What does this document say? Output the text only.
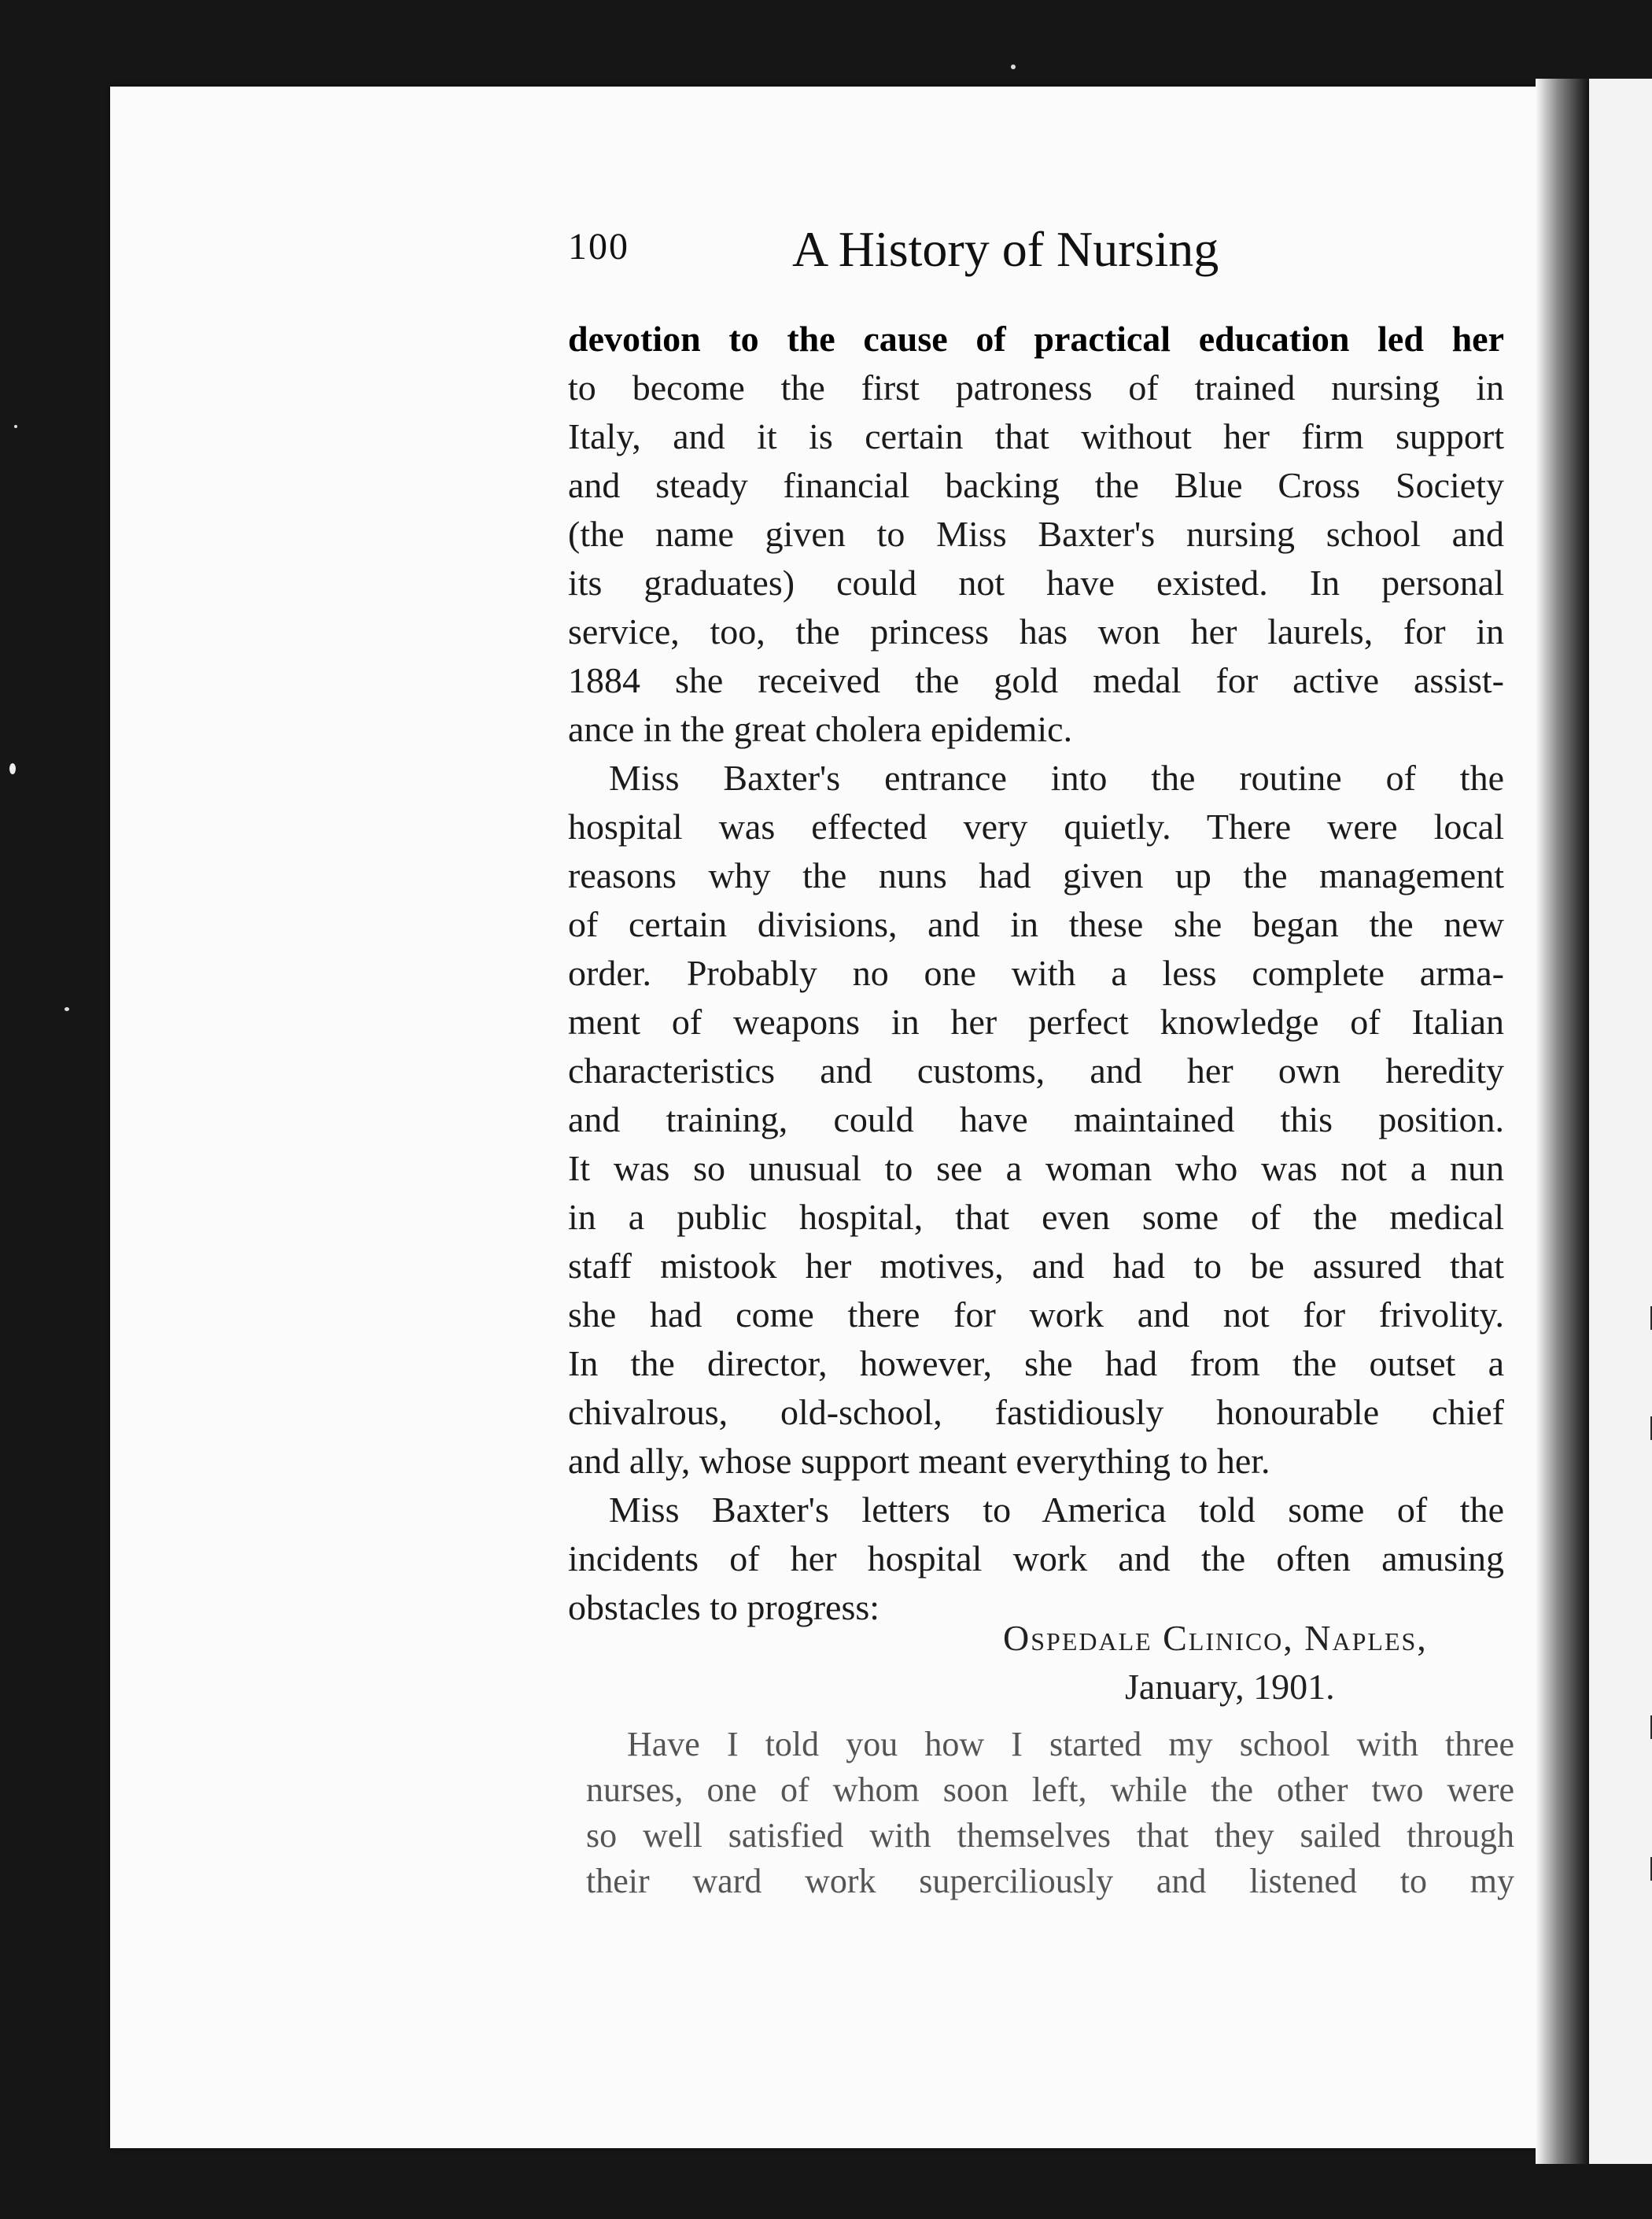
100	A History of Nursing
devotion to the cause of practical education led her
to become the first patroness of trained nursing in
Italy, and it is certain that without her firm support
and steady financial backing the Blue Cross Society
(the name given to Miss Baxter's nursing school and
its graduates) could not have existed. In personal
service, too, the princess has won her laurels, for in
1884 she received the gold medal for active assist-
ance in the great cholera epidemic.
Miss Baxter's entrance into the routine of the
hospital was effected very quietly. There were local
reasons why the nuns had given up the management
of certain divisions, and in these she began the new
order. Probably no one with a less complete arma-
ment of weapons in her perfect knowledge of Italian
characteristics and customs, and her own heredity
and training, could have maintained this position.
It was so unusual to see a woman who was not a nun
in a public hospital, that even some of the medical
staff mistook her motives, and had to be assured that
she had come there for work and not for frivolity.
In the director, however, she had from the outset a
chivalrous, old-school, fastidiously honourable chief
and ally, whose support meant everything to her.
Miss Baxter's letters to America told some of the
incidents of her hospital work and the often amusing
obstacles to progress:
Ospedale Clinico, Naples,
January, 1901.
Have I told you how I started my school with three
nurses, one of whom soon left, while the other two were
so well satisfied with themselves that they sailed through
their ward work superciliously and listened to my
